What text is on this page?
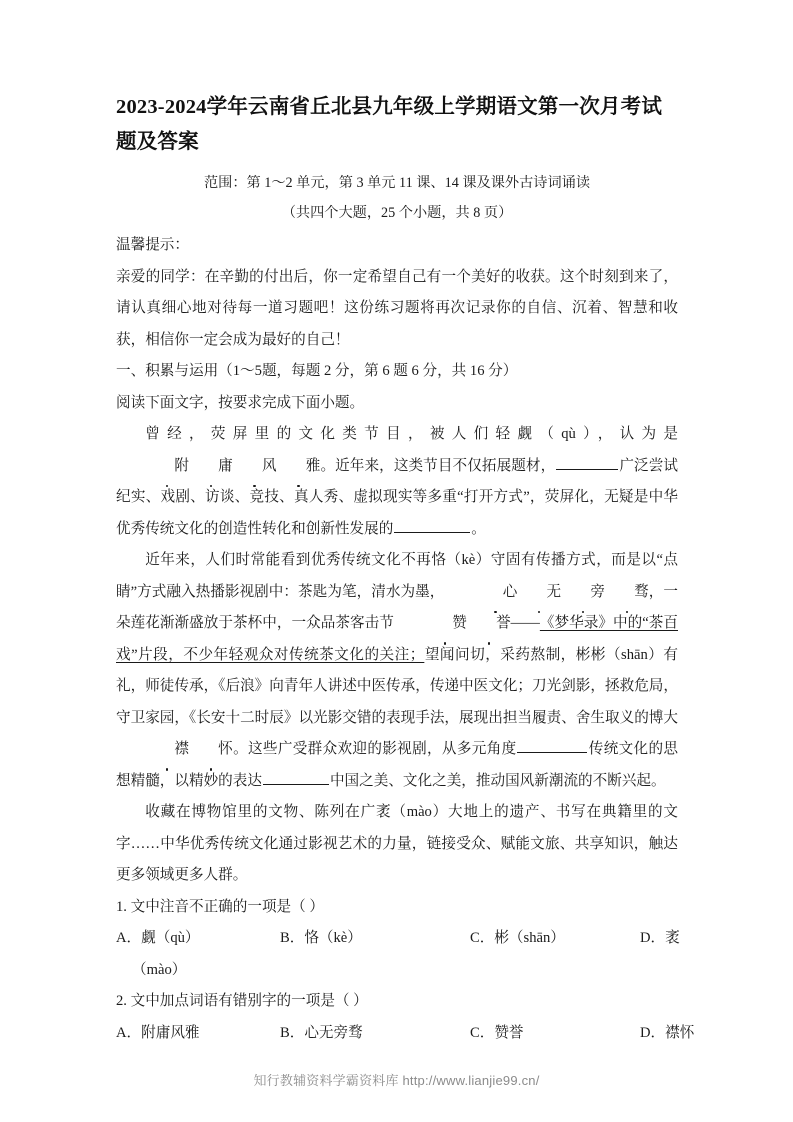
2023-2024学年云南省丘北县九年级上学期语文第一次月考试题及答案

范围：第 1～2 单元，第 3 单元 11 课、14 课及课外古诗词诵读

（共四个大题，25 个小题，共 8 页）

温馨提示：

亲爱的同学：在辛勤的付出后，你一定希望自己有一个美好的收获。这个时刻到来了，请认真细心地对待每一道习题吧！这份练习题将再次记录你的自信、沉着、智慧和收获，相信你一定会成为最好的自己！

一、积累与运用（1～5题，每题 2 分，第 6 题 6 分，共 16 分）

阅读下面文字，按要求完成下面小题。

曾经，荧屏里的文化类节目，被人们轻觑（qù），认为是附 庸 风 雅。近年来，这类节目不仅拓展题材，	广泛尝试纪实、戏剧、访谈、竞技、真人秀、虚拟现实等多重“打开方式”，荧屏化，无疑是中华优秀传统文化的创造性转化和创新性发展的	。

近年来，人们时常能看到优秀传统文化不再恪（kè）守固有传播方式，而是以“点睛”方式融入热播影视剧中：茶匙为笔，清水为墨，	心 无 旁 骛，一朵莲花渐渐盛放于茶杯中，一众品茶客击节	赞 誉——《梦华录》中的“茶百戏”片段，不少年轻观众对传统茶文化的关注；望闻问切，采药熬制，彬彬（shān）有礼，师徒传承，《后浪》向青年人讲述中医传承，传递中医文化；刀光剑影，拯救危局，守卫家园，《长安十二时辰》以光影交错的表现手法，展现出担当履责、舍生取义的博大襟 怀。这些广受群众欢迎的影视剧，从多元角度	传统文化的思想精髓，以精妙的表达	中国之美、文化之美，推动国风新潮流的不断兴起。

收藏在博物馆里的文物、陈列在广袤（mào）大地上的遗产、书写在典籍里的文字……中华优秀传统文化通过影视艺术的力量，链接受众、赋能文旅、共享知识，触达更多领域更多人群。

1. 文中注音不正确的一项是（ ）

A．觑（qù）	B．恪（kè）	C．彬（shān）	D．袤

（mào）

2. 文中加点词语有错别字的一项是（ ）

A．附庸风雅	B．心无旁骛	C．赞誉	D．襟怀
知行教辅资料学霸资料库 http://www.lianjie99.cn/
